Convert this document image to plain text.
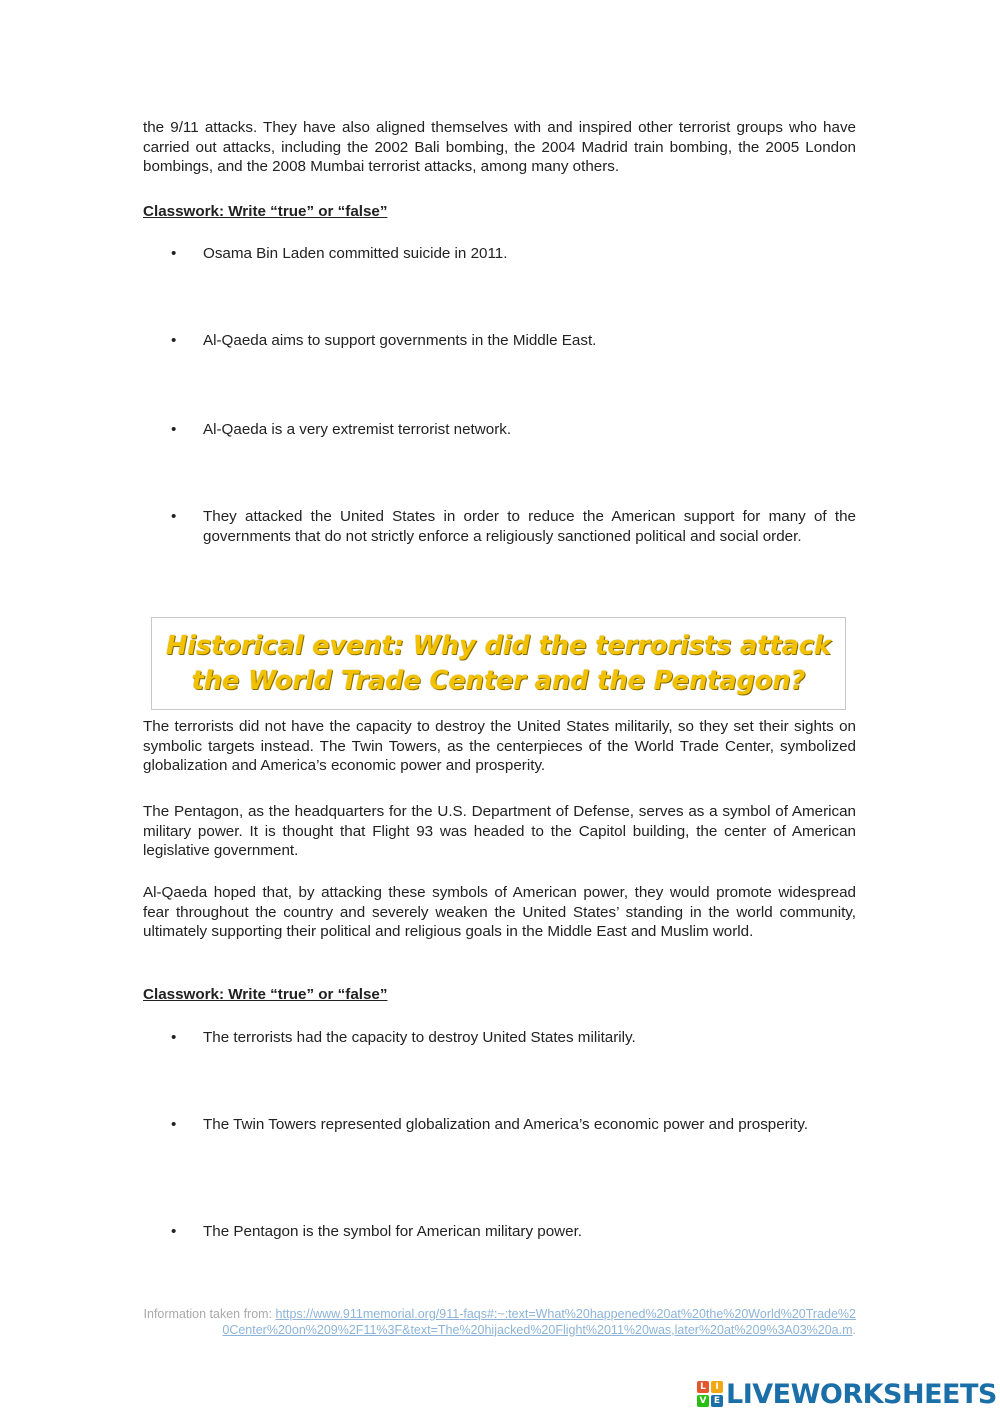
the 9/11 attacks. They have also aligned themselves with and inspired other terrorist groups who have carried out attacks, including the 2002 Bali bombing, the 2004 Madrid train bombing, the 2005 London bombings, and the 2008 Mumbai terrorist attacks, among many others.

Classwork: Write “true” or “false”
•	Osama Bin Laden committed suicide in 2011.
•	Al-Qaeda aims to support governments in the Middle East.
•	Al-Qaeda is a very extremist terrorist network.
•	They attacked the United States in order to reduce the American support for many of the governments that do not strictly enforce a religiously sanctioned political and social order.
Historical event: Why did the terrorists attack
the World Trade Center and the Pentagon?

The terrorists did not have the capacity to destroy the United States militarily, so they set their sights on symbolic targets instead. The Twin Towers, as the centerpieces of the World Trade Center, symbolized globalization and America’s economic power and prosperity.

The Pentagon, as the headquarters for the U.S. Department of Defense, serves as a symbol of American military power. It is thought that Flight 93 was headed to the Capitol building, the center of American legislative government.

Al-Qaeda hoped that, by attacking these symbols of American power, they would promote widespread fear throughout the country and severely weaken the United States’ standing in the world community, ultimately supporting their political and religious goals in the Middle East and Muslim world.

Classwork: Write “true” or “false”
•	The terrorists had the capacity to destroy United States militarily.
•	The Twin Towers represented globalization and America’s economic power and prosperity.
•	The Pentagon is the symbol for American military power.
Information taken from: https://www.911memorial.org/911-faqs#:~:text=What%20happened%20at%20the%20World%20Trade%20Center%20on%209%2F11%3F&text=The%20hijacked%20Flight%2011%20was,later%20at%209%3A03%20a.m.
L	I
V E LIVEWORKSHEETS
